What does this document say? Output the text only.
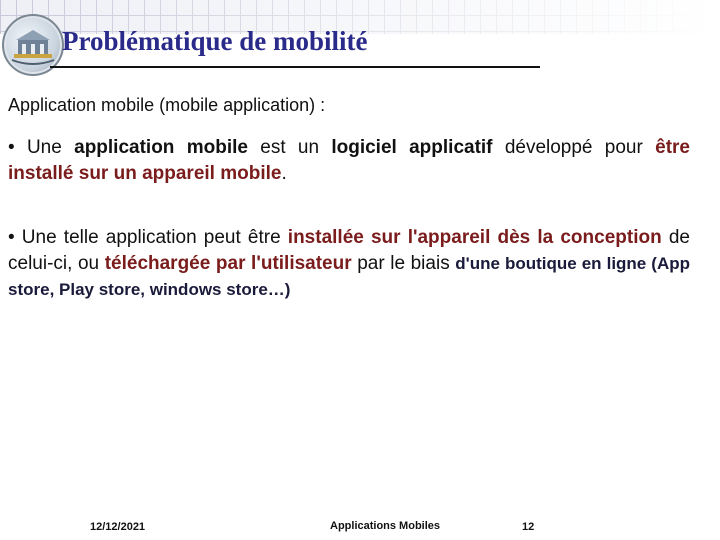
Problématique de mobilité
Application mobile (mobile application) :
• Une application mobile est un logiciel applicatif développé pour être installé sur un appareil mobile.
• Une telle application peut être installée sur l'appareil dès la conception de celui-ci, ou téléchargée par l'utilisateur par le biais d'une boutique en ligne (App store, Play store, windows store…)
12/12/2021	Applications Mobiles	12
